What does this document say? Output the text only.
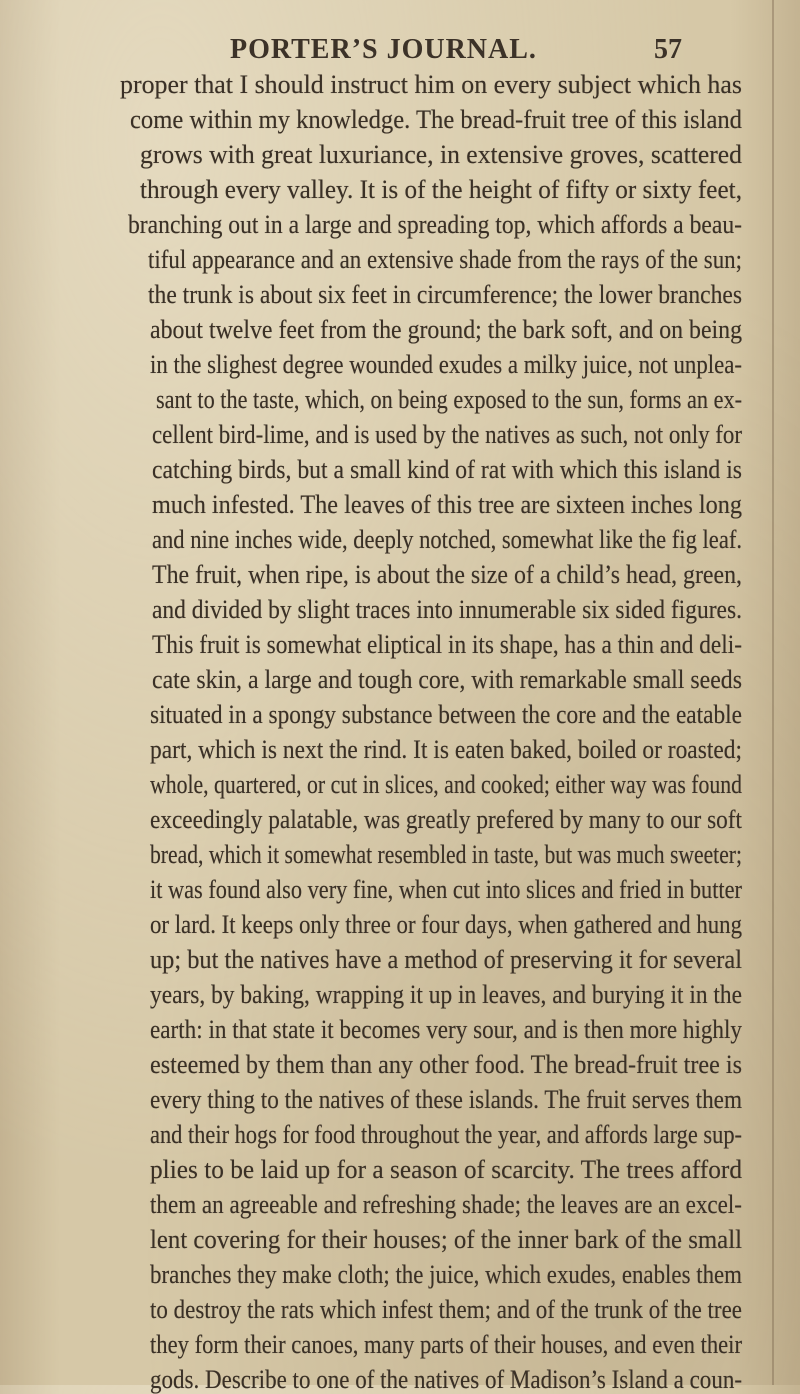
PORTER’S JOURNAL.	57
proper that I should instruct him on every subject which has
come within my knowledge. The bread-fruit tree of this island
grows with great luxuriance, in extensive groves, scattered
through every valley. It is of the height of fifty or sixty feet,
branching out in a large and spreading top, which affords a beau-
tiful appearance and an extensive shade from the rays of the sun;
the trunk is about six feet in circumference; the lower branches
about twelve feet from the ground; the bark soft, and on being
in the slighest degree wounded exudes a milky juice, not unplea-
sant to the taste, which, on being exposed to the sun, forms an ex-
cellent bird-lime, and is used by the natives as such, not only for
catching birds, but a small kind of rat with which this island is
much infested. The leaves of this tree are sixteen inches long
and nine inches wide, deeply notched, somewhat like the fig leaf.
The fruit, when ripe, is about the size of a child’s head, green,
and divided by slight traces into innumerable six sided figures.
This fruit is somewhat eliptical in its shape, has a thin and deli-
cate skin, a large and tough core, with remarkable small seeds
situated in a spongy substance between the core and the eatable
part, which is next the rind. It is eaten baked, boiled or roasted;
whole, quartered, or cut in slices, and cooked; either way was found
exceedingly palatable, was greatly prefered by many to our soft
bread, which it somewhat resembled in taste, but was much sweeter;
it was found also very fine, when cut into slices and fried in butter
or lard. It keeps only three or four days, when gathered and hung
up; but the natives have a method of preserving it for several
years, by baking, wrapping it up in leaves, and burying it in the
earth: in that state it becomes very sour, and is then more highly
esteemed by them than any other food. The bread-fruit tree is
every thing to the natives of these islands. The fruit serves them
and their hogs for food throughout the year, and affords large sup-
plies to be laid up for a season of scarcity. The trees afford
them an agreeable and refreshing shade; the leaves are an excel-
lent covering for their houses; of the inner bark of the small
branches they make cloth; the juice, which exudes, enables them
to destroy the rats which infest them; and of the trunk of the tree
they form their canoes, many parts of their houses, and even their
gods. Describe to one of the natives of Madison’s Island a coun-
